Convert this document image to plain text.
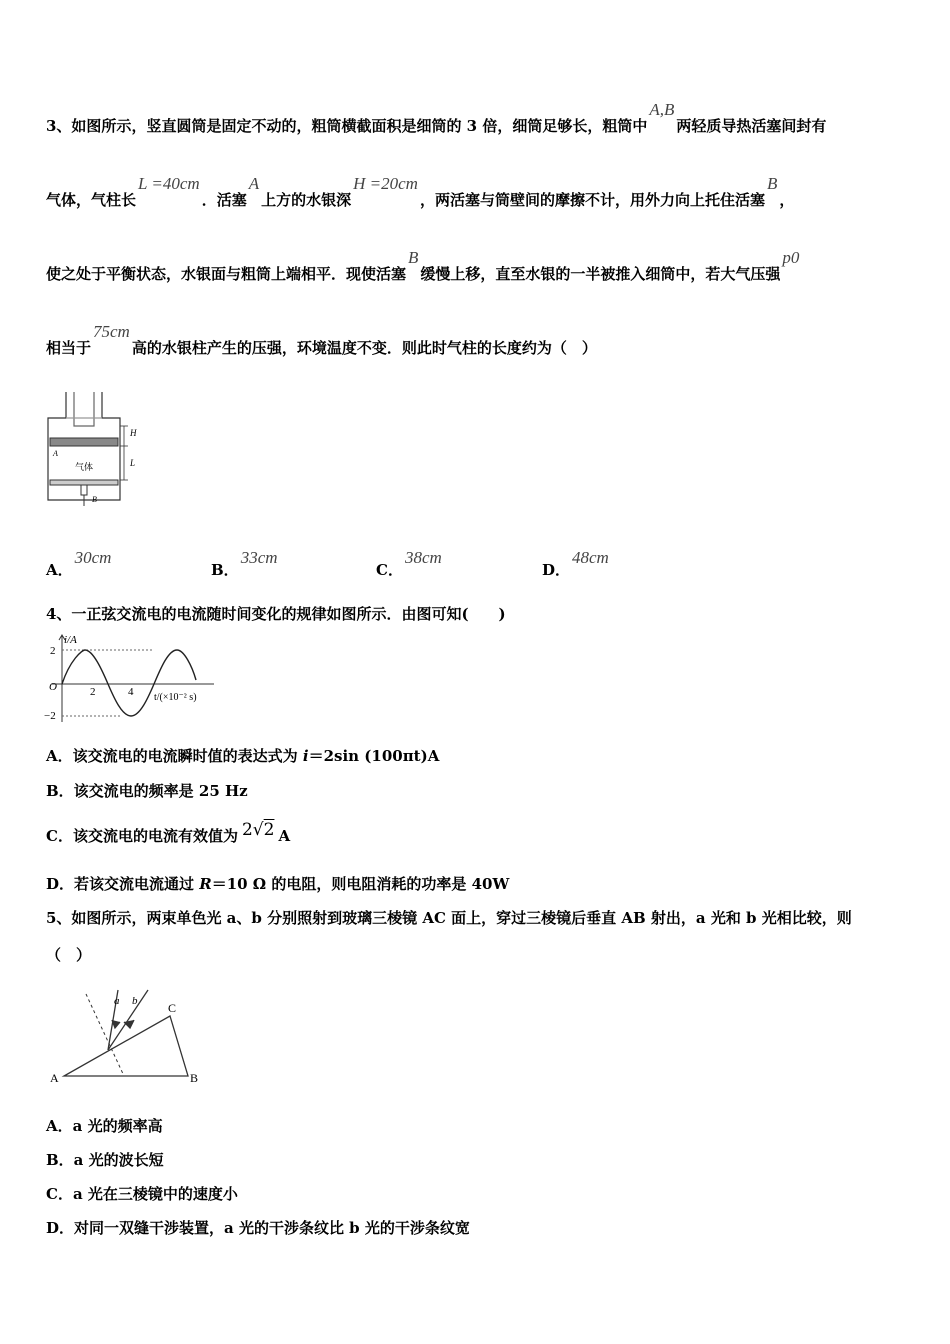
3、如图所示，竖直圆筒是固定不动的，粗筒横截面积是细筒的 3 倍，细筒足够长，粗筒中A,B两轻质导热活塞间封有
气体，气柱长L =40cm．活塞A上方的水银深H =20cm，两活塞与筒壁间的摩擦不计，用外力向上托住活塞B，
使之处于平衡状态，水银面与粗筒上端相平．现使活塞B缓慢上移，直至水银的一半被推入细筒中，若大气压强p0
相当于75cm高的水银柱产生的压强，环境温度不变．则此时气柱的长度约为（　）
H
L
A
气体
B
A．30cm
B．33cm
C．38cm
D．48cm
4、一正弦交流电的电流随时间变化的规律如图所示．由图可知(　　)
i/A
2
−2
O	2	4 t/(×10⁻² s)
A．该交流电的电流瞬时值的表达式为 i＝2sin (100πt)A
B．该交流电的频率是 25 Hz
C．该交流电的电流有效值为 2√2 A
D．若该交流电流通过 R＝10 Ω 的电阻，则电阻消耗的功率是 40W
5、如图所示，两束单色光 a、b 分别照射到玻璃三棱镜 AC 面上，穿过三棱镜后垂直 AB 射出，a 光和 b 光相比较，则
（　）
A	B
C
a b
A．a 光的频率高
B．a 光的波长短
C．a 光在三棱镜中的速度小
D．对同一双缝干涉装置，a 光的干涉条纹比 b 光的干涉条纹宽
